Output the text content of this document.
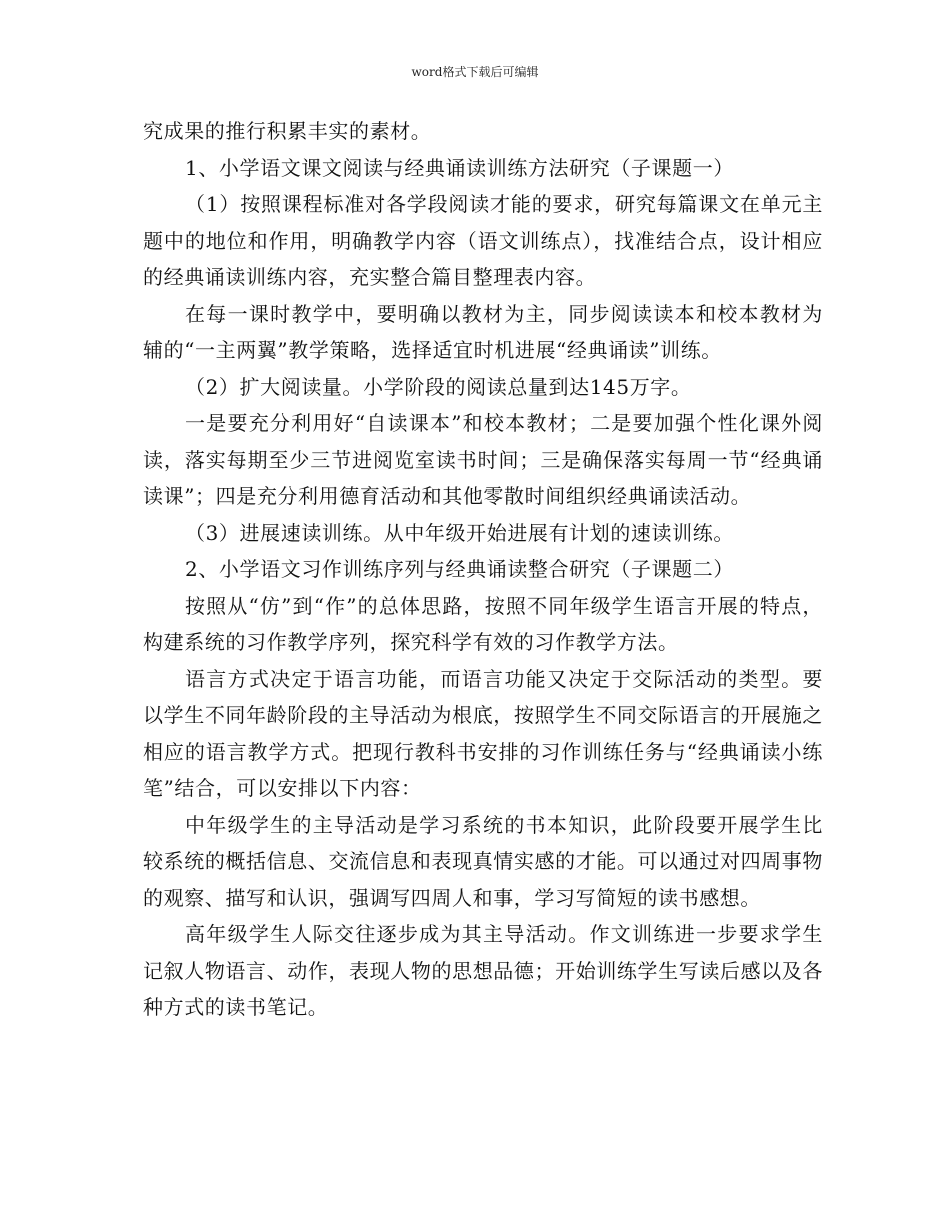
word格式下载后可编辑

究成果的推行积累丰实的素材。

1、小学语文课文阅读与经典诵读训练方法研究（子课题一）

（1）按照课程标准对各学段阅读才能的要求，研究每篇课文在单元主题中的地位和作用，明确教学内容（语文训练点），找准结合点，设计相应的经典诵读训练内容，充实整合篇目整理表内容。

在每一课时教学中，要明确以教材为主，同步阅读读本和校本教材为辅的“一主两翼”教学策略，选择适宜时机进展“经典诵读”训练。

（2）扩大阅读量。小学阶段的阅读总量到达145万字。

一是要充分利用好“自读课本”和校本教材；二是要加强个性化课外阅读，落实每期至少三节进阅览室读书时间；三是确保落实每周一节“经典诵读课”；四是充分利用德育活动和其他零散时间组织经典诵读活动。

（3）进展速读训练。从中年级开始进展有计划的速读训练。

2、小学语文习作训练序列与经典诵读整合研究（子课题二）

按照从“仿”到“作”的总体思路，按照不同年级学生语言开展的特点，构建系统的习作教学序列，探究科学有效的习作教学方法。

语言方式决定于语言功能，而语言功能又决定于交际活动的类型。要以学生不同年龄阶段的主导活动为根底，按照学生不同交际语言的开展施之相应的语言教学方式。把现行教科书安排的习作训练任务与“经典诵读小练笔”结合，可以安排以下内容：

中年级学生的主导活动是学习系统的书本知识，此阶段要开展学生比较系统的概括信息、交流信息和表现真情实感的才能。可以通过对四周事物的观察、描写和认识，强调写四周人和事，学习写简短的读书感想。

高年级学生人际交往逐步成为其主导活动。作文训练进一步要求学生记叙人物语言、动作，表现人物的思想品德；开始训练学生写读后感以及各种方式的读书笔记。
